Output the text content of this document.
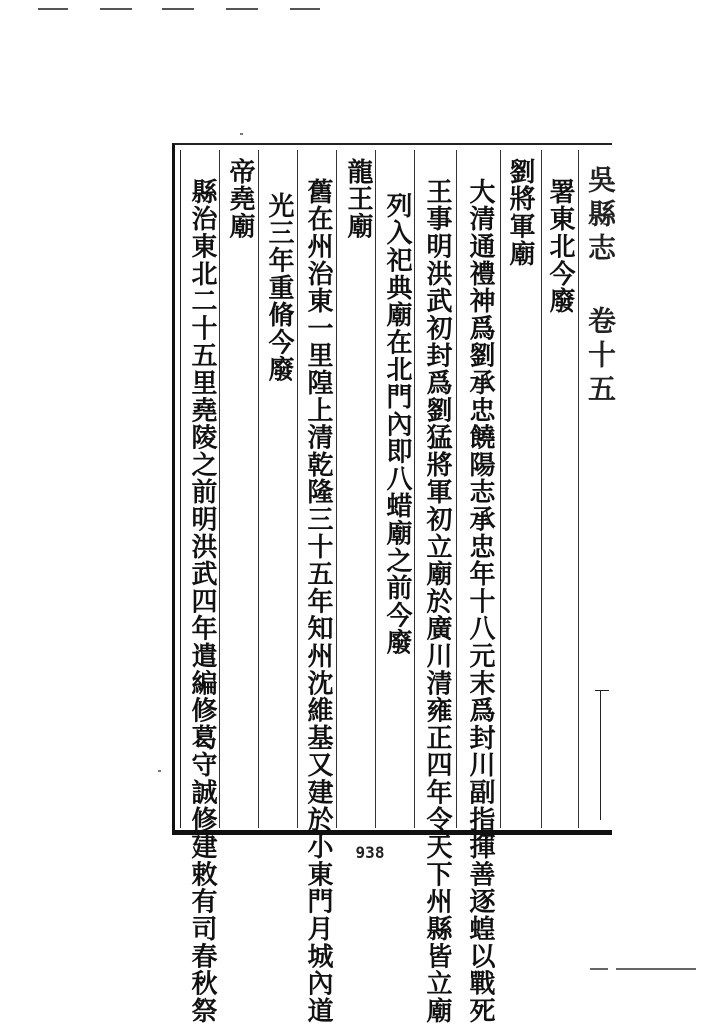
吳縣志 卷十五
署東北今廢
劉將軍廟
大清通禮神爲劉承忠饒陽志承忠年十八元末爲封川副指揮善逐蝗以戰死
王事明洪武初封爲劉猛將軍初立廟於廣川清雍正四年令天下州縣皆立廟
列入祀典廟在北門內即八蜡廟之前今廢
龍王廟
舊在州治東一里隍上清乾隆三十五年知州沈維基又建於小東門月城內道
光三年重脩今廢
帝堯廟
縣治東北二十五里堯陵之前明洪武四年遣編修葛守誠修建敕有司春秋祭	938
